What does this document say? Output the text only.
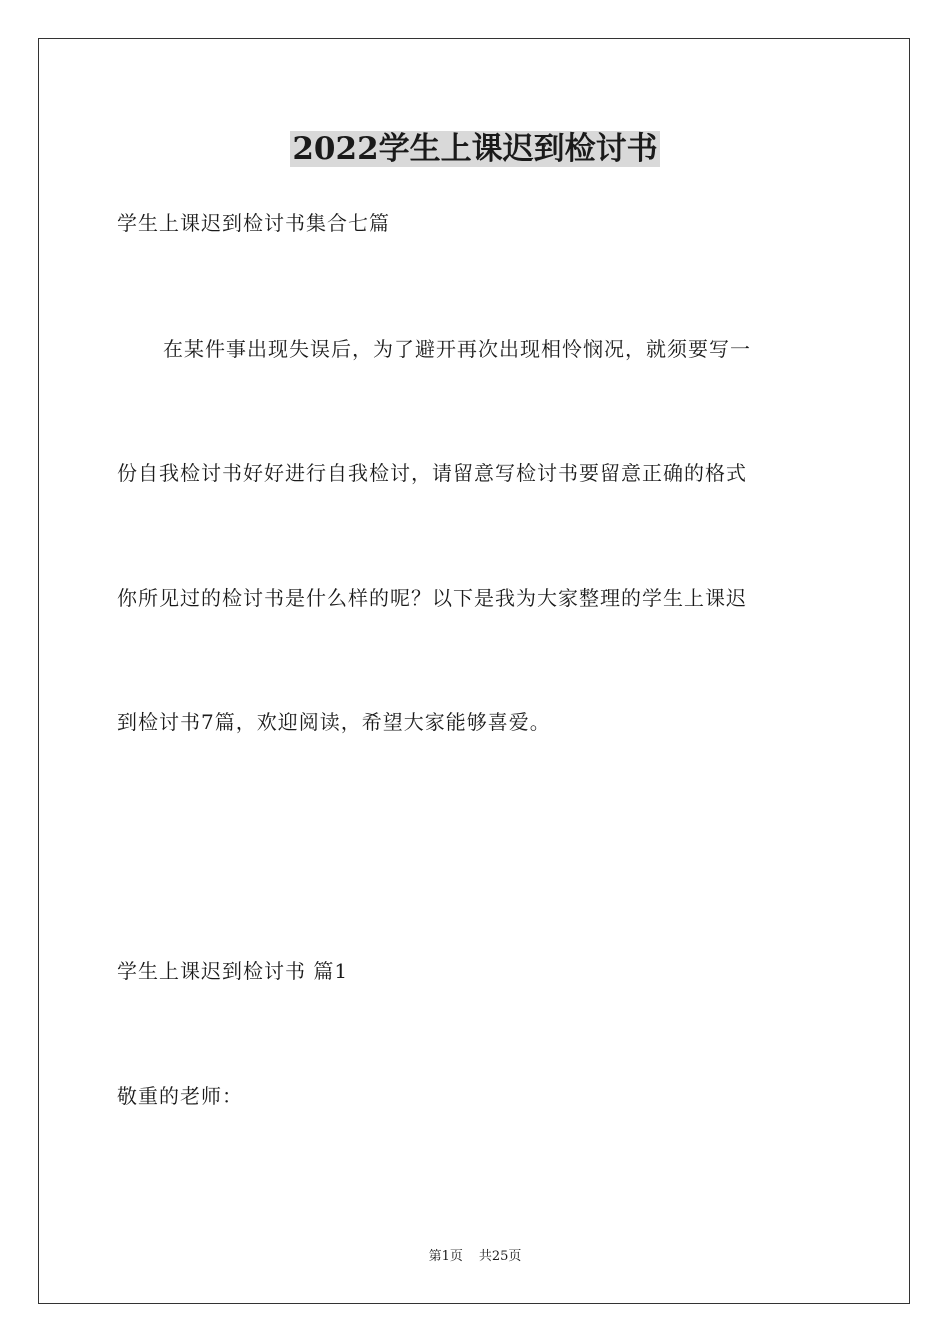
2022学生上课迟到检讨书
学生上课迟到检讨书集合七篇
在某件事出现失误后，为了避开再次出现相怜悯况，就须要写一
份自我检讨书好好进行自我检讨，请留意写检讨书要留意正确的格式
你所见过的检讨书是什么样的呢？以下是我为大家整理的学生上课迟
到检讨书7篇，欢迎阅读，希望大家能够喜爱。
学生上课迟到检讨书 篇1
敬重的老师：
第1页 共25页
